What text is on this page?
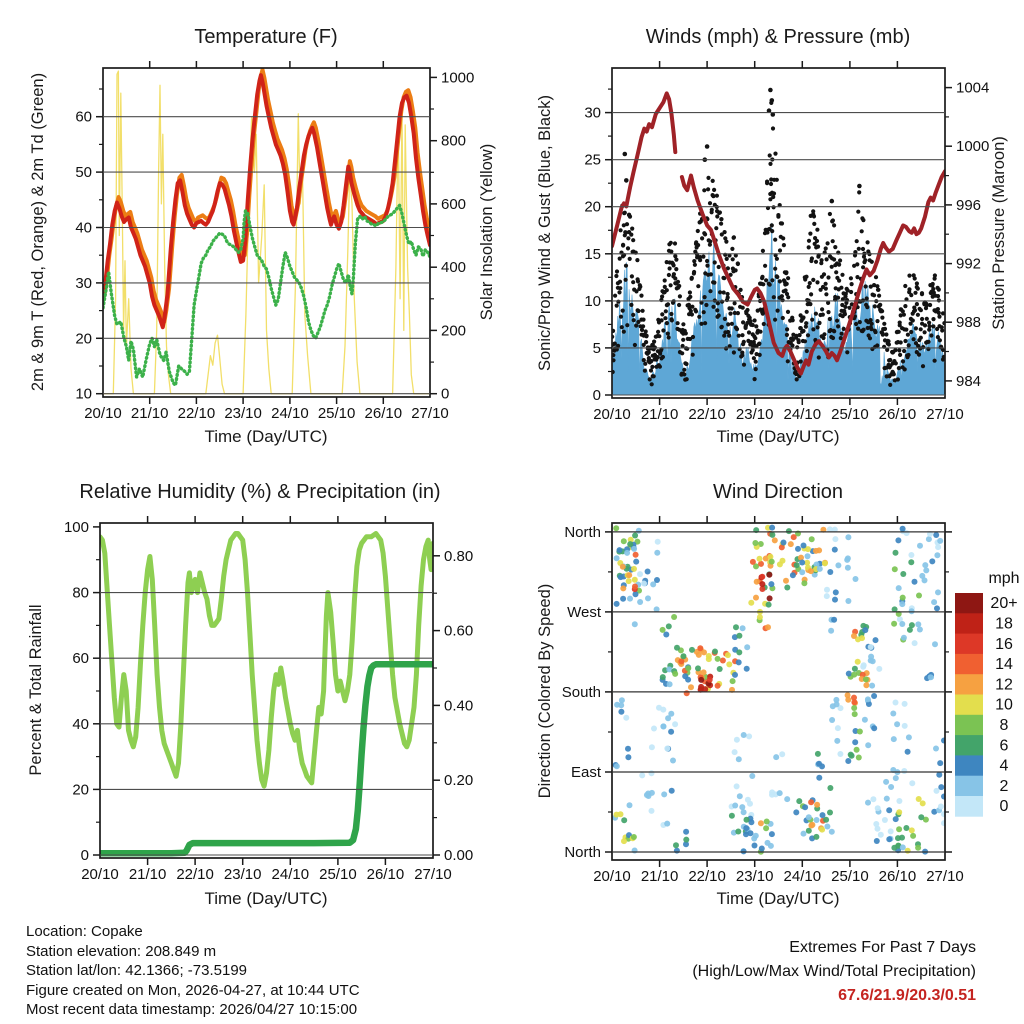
20/10 21/10 22/10 23/10 24/10 25/10 26/10 27/10
10
20
30
40
50
60
0
200
400
600
800
1000
20/10 21/10 22/10 23/10 24/10 25/10 26/10 27/10
0
5
10
15
20
25
30
984
988
992
996
1000
1004
20/10 21/10 22/10 23/10 24/10 25/10 26/10 27/10
0
20
40
60
80
100
0.00
0.20
0.40
0.60
0.80
20/10 21/10 22/10 23/10 24/10 25/10 26/10 27/10
North
West
South
East
North
20+
18
16
14
12
10
8
6
4
2
0
Temperature (F)	Winds (mph) & Pressure (mb)
Relative Humidity (%) & Precipitation (in)	Wind Direction
2m & 9m T (Red, Orange) & 2m Td (Green)	Solar Insolation (Yellow) Sonic/Prop Wind & Gust (Blue, Black)	Station Pressure (Maroon)
Percent & Total Rainfall	Direction (Colored By Speed)
Time (Day/UTC)	Time (Day/UTC)
Time (Day/UTC)	Time (Day/UTC)
mph
Location: Copake
Station elevation: 208.849 m
Station lat/lon: 42.1366; -73.5199
Figure created on Mon, 2026-04-27, at 10:44 UTC
Most recent data timestamp: 2026/04/27 10:15:00
Extremes For Past 7 Days
(High/Low/Max Wind/Total Precipitation)
67.6/21.9/20.3/0.51
